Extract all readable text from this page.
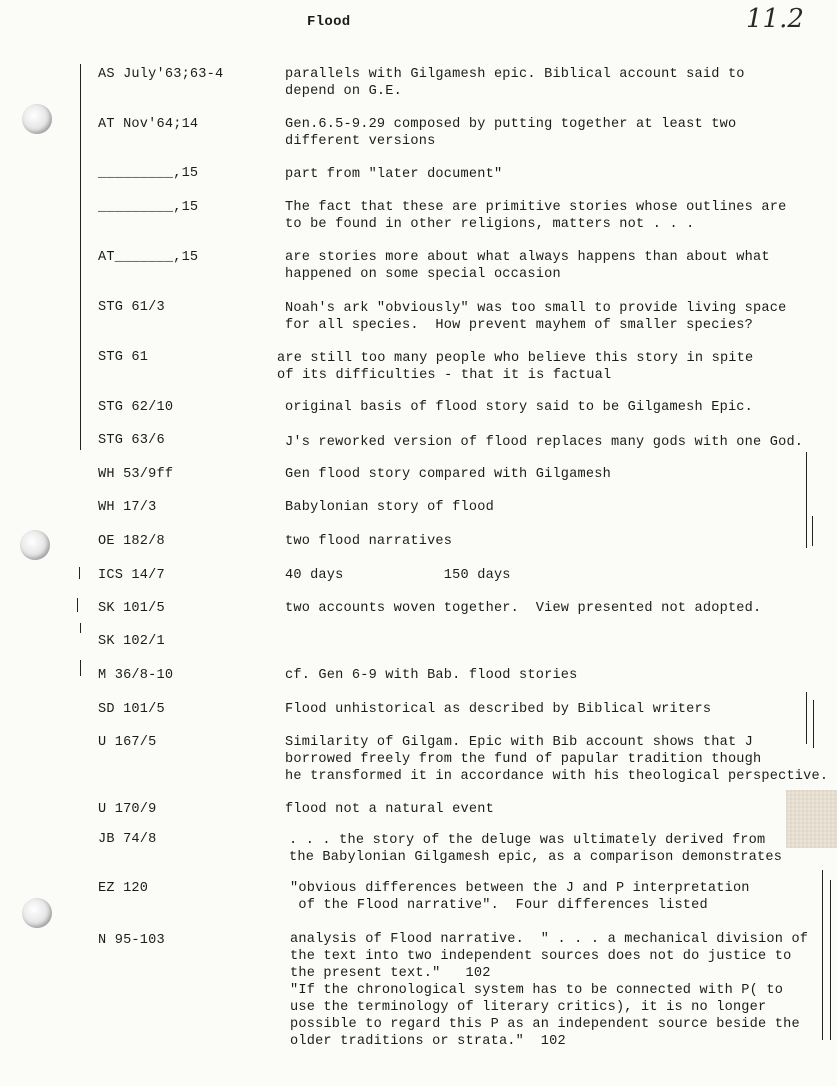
Flood	11.2
AS July'63;63-4	parallels with Gilgamesh epic. Biblical account said to
depend on G.E.
AT Nov'64;14	Gen.6.5-9.29 composed by putting together at least two
different versions
_________,15	part from "later document"
_________,15	The fact that these are primitive stories whose outlines are
to be found in other religions, matters not . . .
AT_______,15	are stories more about what always happens than about what
happened on some special occasion
STG 61/3	Noah's ark "obviously" was too small to provide living space
for all species.  How prevent mayhem of smaller species?
STG 61	are still too many people who believe this story in spite
of its difficulties - that it is factual
STG 62/10	original basis of flood story said to be Gilgamesh Epic.
STG 63/6	J's reworked version of flood replaces many gods with one God.
WH 53/9ff	Gen flood story compared with Gilgamesh
WH 17/3	Babylonian story of flood
OE 182/8	two flood narratives
ICS 14/7	40 days            150 days
SK 101/5	two accounts woven together.  View presented not adopted.
SK 102/1
M 36/8-10	cf. Gen 6-9 with Bab. flood stories
SD 101/5	Flood unhistorical as described by Biblical writers
U 167/5	Similarity of Gilgam. Epic with Bib account shows that J
borrowed freely from the fund of papular tradition though
he transformed it in accordance with his theological perspective.
U 170/9	flood not a natural event
JB 74/8	. . . the story of the deluge was ultimately derived from
the Babylonian Gilgamesh epic, as a comparison demonstrates
EZ 120	"obvious differences between the J and P interpretation
of the Flood narrative".  Four differences listed
N 95-103	analysis of Flood narrative.  " . . . a mechanical division of
the text into two independent sources does not do justice to
the present text."   102
"If the chronological system has to be connected with P( to
use the terminology of literary critics), it is no longer
possible to regard this P as an independent source beside the
older traditions or strata."  102
